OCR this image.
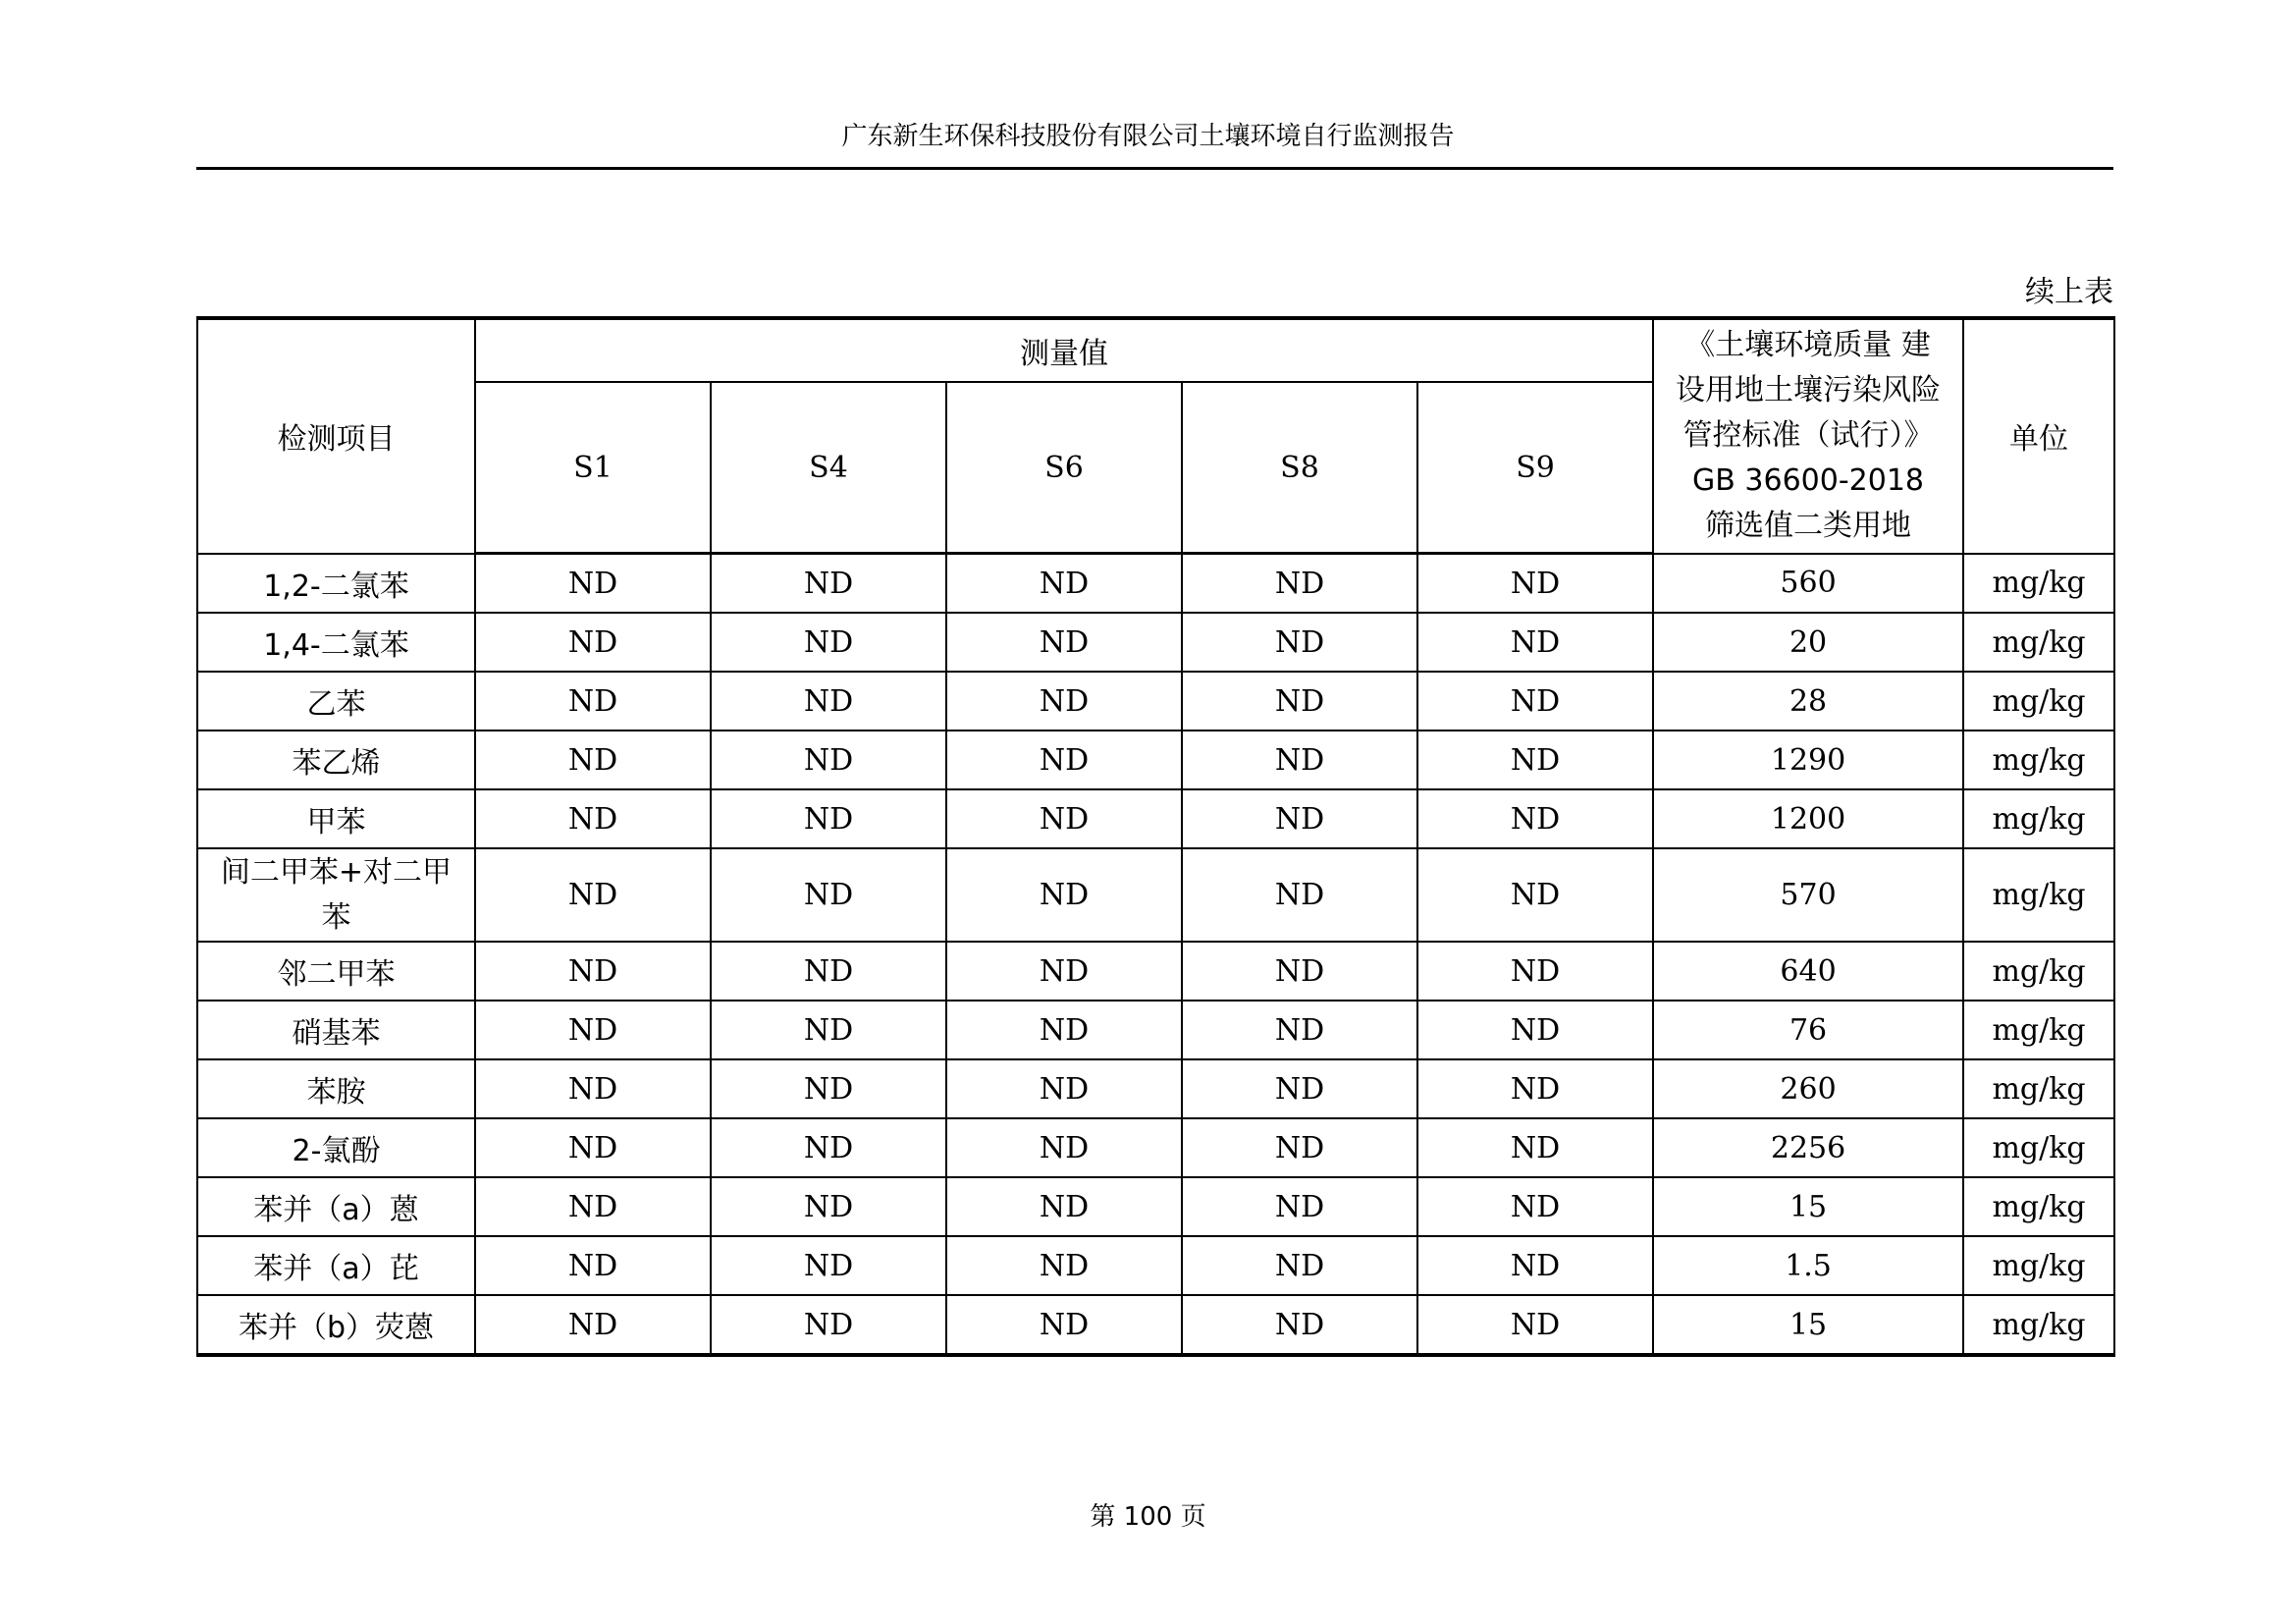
广东新生环保科技股份有限公司土壤环境自行监测报告
续上表
检测项目	测量值					《土壤环境质量 建
设用地土壤污染风险
管控标准（试行）》
GB 36600-2018
筛选值二类用地	单位
	S1	S4	S6	S8	S9		
1,2-二氯苯	ND	ND	ND	ND	ND	560	mg/kg
1,4-二氯苯	ND	ND	ND	ND	ND	20	mg/kg
乙苯	ND	ND	ND	ND	ND	28	mg/kg
苯乙烯	ND	ND	ND	ND	ND	1290	mg/kg
甲苯	ND	ND	ND	ND	ND	1200	mg/kg
间二甲苯+对二甲苯	ND	ND	ND	ND	ND	570	mg/kg
邻二甲苯	ND	ND	ND	ND	ND	640	mg/kg
硝基苯	ND	ND	ND	ND	ND	76	mg/kg
苯胺	ND	ND	ND	ND	ND	260	mg/kg
2-氯酚	ND	ND	ND	ND	ND	2256	mg/kg
苯并（a）蒽	ND	ND	ND	ND	ND	15	mg/kg
苯并（a）芘	ND	ND	ND	ND	ND	1.5	mg/kg
苯并（b）荧蒽	ND	ND	ND	ND	ND	15	mg/kg
第 100 页
